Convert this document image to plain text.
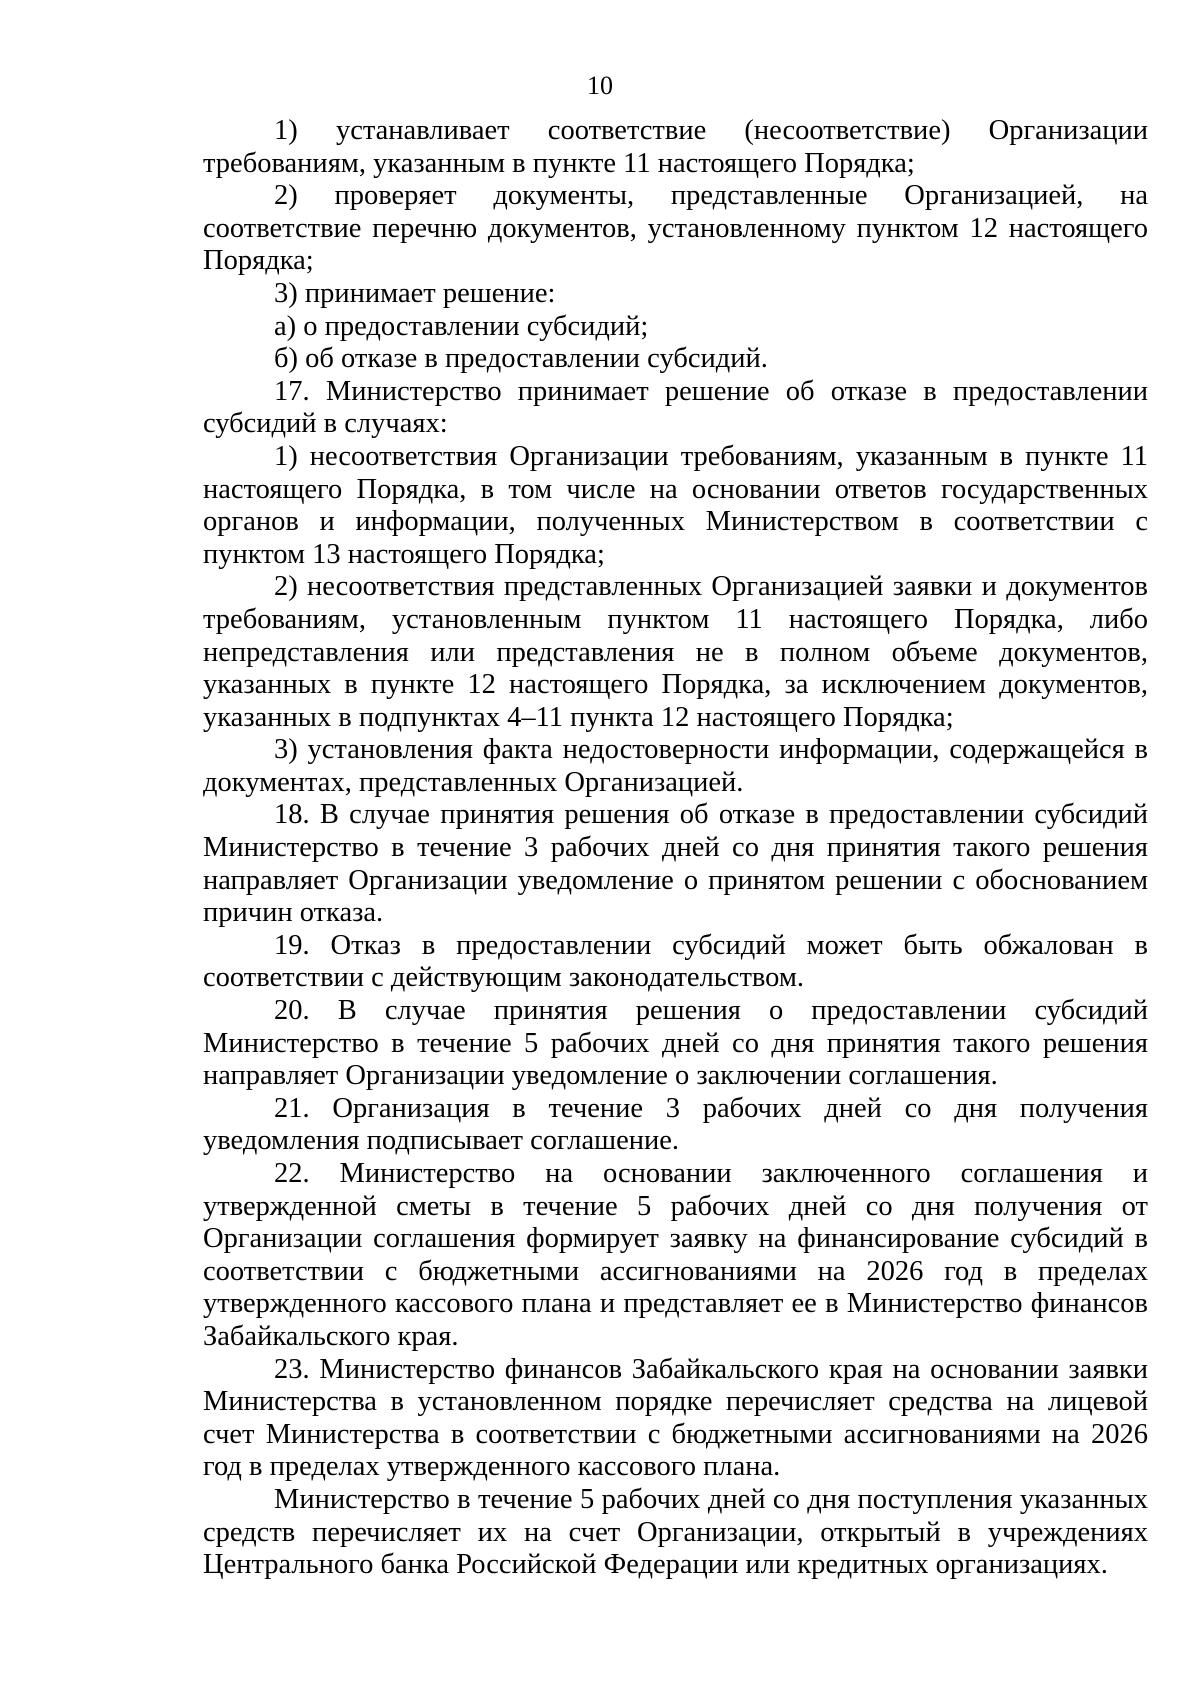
10

1) устанавливает соответствие (несоответствие) Организации требованиям, указанным в пункте 11 настоящего Порядка;

2) проверяет документы, представленные Организацией, на соответствие перечню документов, установленному пунктом 12 настоящего Порядка;

3) принимает решение:

а) о предоставлении субсидий;

б) об отказе в предоставлении субсидий.

17. Министерство принимает решение об отказе в предоставлении субсидий в случаях:

1) несоответствия Организации требованиям, указанным в пункте 11 настоящего Порядка, в том числе на основании ответов государственных органов и информации, полученных Министерством в соответствии с пунктом 13 настоящего Порядка;

2) несоответствия представленных Организацией заявки и документов требованиям, установленным пунктом 11 настоящего Порядка, либо непредставления или представления не в полном объеме документов, указанных в пункте 12 настоящего Порядка, за исключением документов, указанных в подпунктах 4–11 пункта 12 настоящего Порядка;

3) установления факта недостоверности информации, содержащейся в документах, представленных Организацией.

18. В случае принятия решения об отказе в предоставлении субсидий Министерство в течение 3 рабочих дней со дня принятия такого решения направляет Организации уведомление о принятом решении с обоснованием причин отказа.

19. Отказ в предоставлении субсидий может быть обжалован в соответствии с действующим законодательством.

20. В случае принятия решения о предоставлении субсидий Министерство в течение 5 рабочих дней со дня принятия такого решения направляет Организации уведомление о заключении соглашения.

21. Организация в течение 3 рабочих дней со дня получения уведомления подписывает соглашение.

22. Министерство на основании заключенного соглашения и утвержденной сметы в течение 5 рабочих дней со дня получения от Организации соглашения формирует заявку на финансирование субсидий в соответствии с бюджетными ассигнованиями на 2026 год в пределах утвержденного кассового плана и представляет ее в Министерство финансов Забайкальского края.

23. Министерство финансов Забайкальского края на основании заявки Министерства в установленном порядке перечисляет средства на лицевой счет Министерства в соответствии с бюджетными ассигнованиями на 2026 год в пределах утвержденного кассового плана.

Министерство в течение 5 рабочих дней со дня поступления указанных средств перечисляет их на счет Организации, открытый в учреждениях Центрального банка Российской Федерации или кредитных организациях.
